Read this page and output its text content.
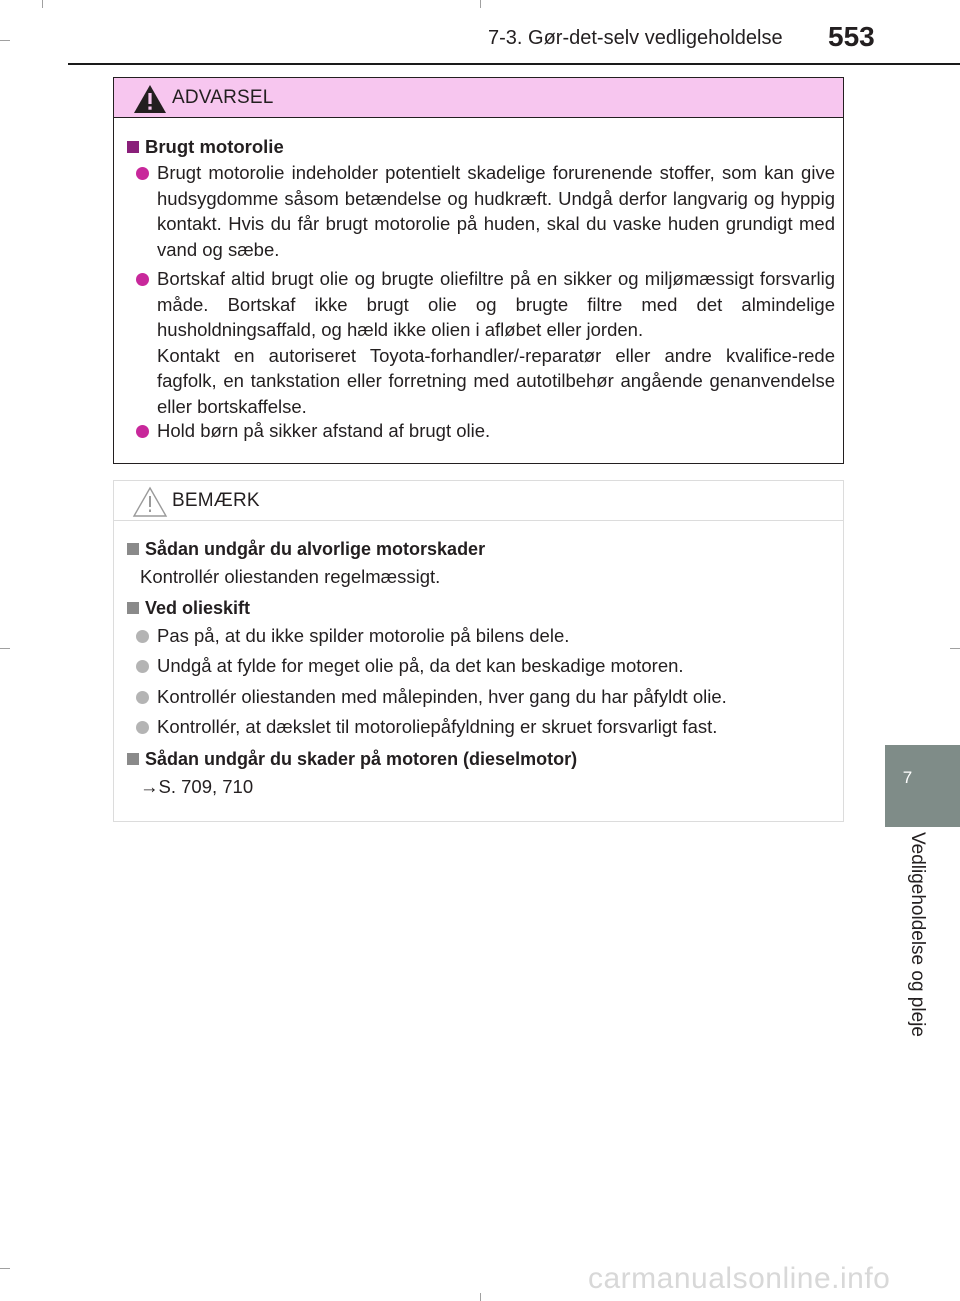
7-3. Gør-det-selv vedligeholdelse 553
7
Vedligeholdelse og pleje
ADVARSEL
Brugt motorolie
Brugt motorolie indeholder potentielt skadelige forurenende stoffer, som kan give hudsygdomme såsom betændelse og hudkræft. Undgå derfor langvarig og hyppig kontakt. Hvis du får brugt motorolie på huden, skal du vaske huden grundigt med vand og sæbe.
Bortskaf altid brugt olie og brugte oliefiltre på en sikker og miljømæssigt forsvarlig måde. Bortskaf ikke brugt olie og brugte filtre med det almindelige husholdningsaffald, og hæld ikke olien i afløbet eller jorden.
Kontakt en autoriseret Toyota-forhandler/-reparatør eller andre kvalifice-rede fagfolk, en tankstation eller forretning med autotilbehør angående genanvendelse eller bortskaffelse.
Hold børn på sikker afstand af brugt olie.
BEMÆRK
Sådan undgår du alvorlige motorskader
Kontrollér oliestanden regelmæssigt.
Ved olieskift
Pas på, at du ikke spilder motorolie på bilens dele.
Undgå at fylde for meget olie på, da det kan beskadige motoren.
Kontrollér oliestanden med målepinden, hver gang du har påfyldt olie.
Kontrollér, at dækslet til motoroliepåfyldning er skruet forsvarligt fast.
Sådan undgår du skader på motoren (dieselmotor)
→S. 709, 710
carmanualsonline.info
